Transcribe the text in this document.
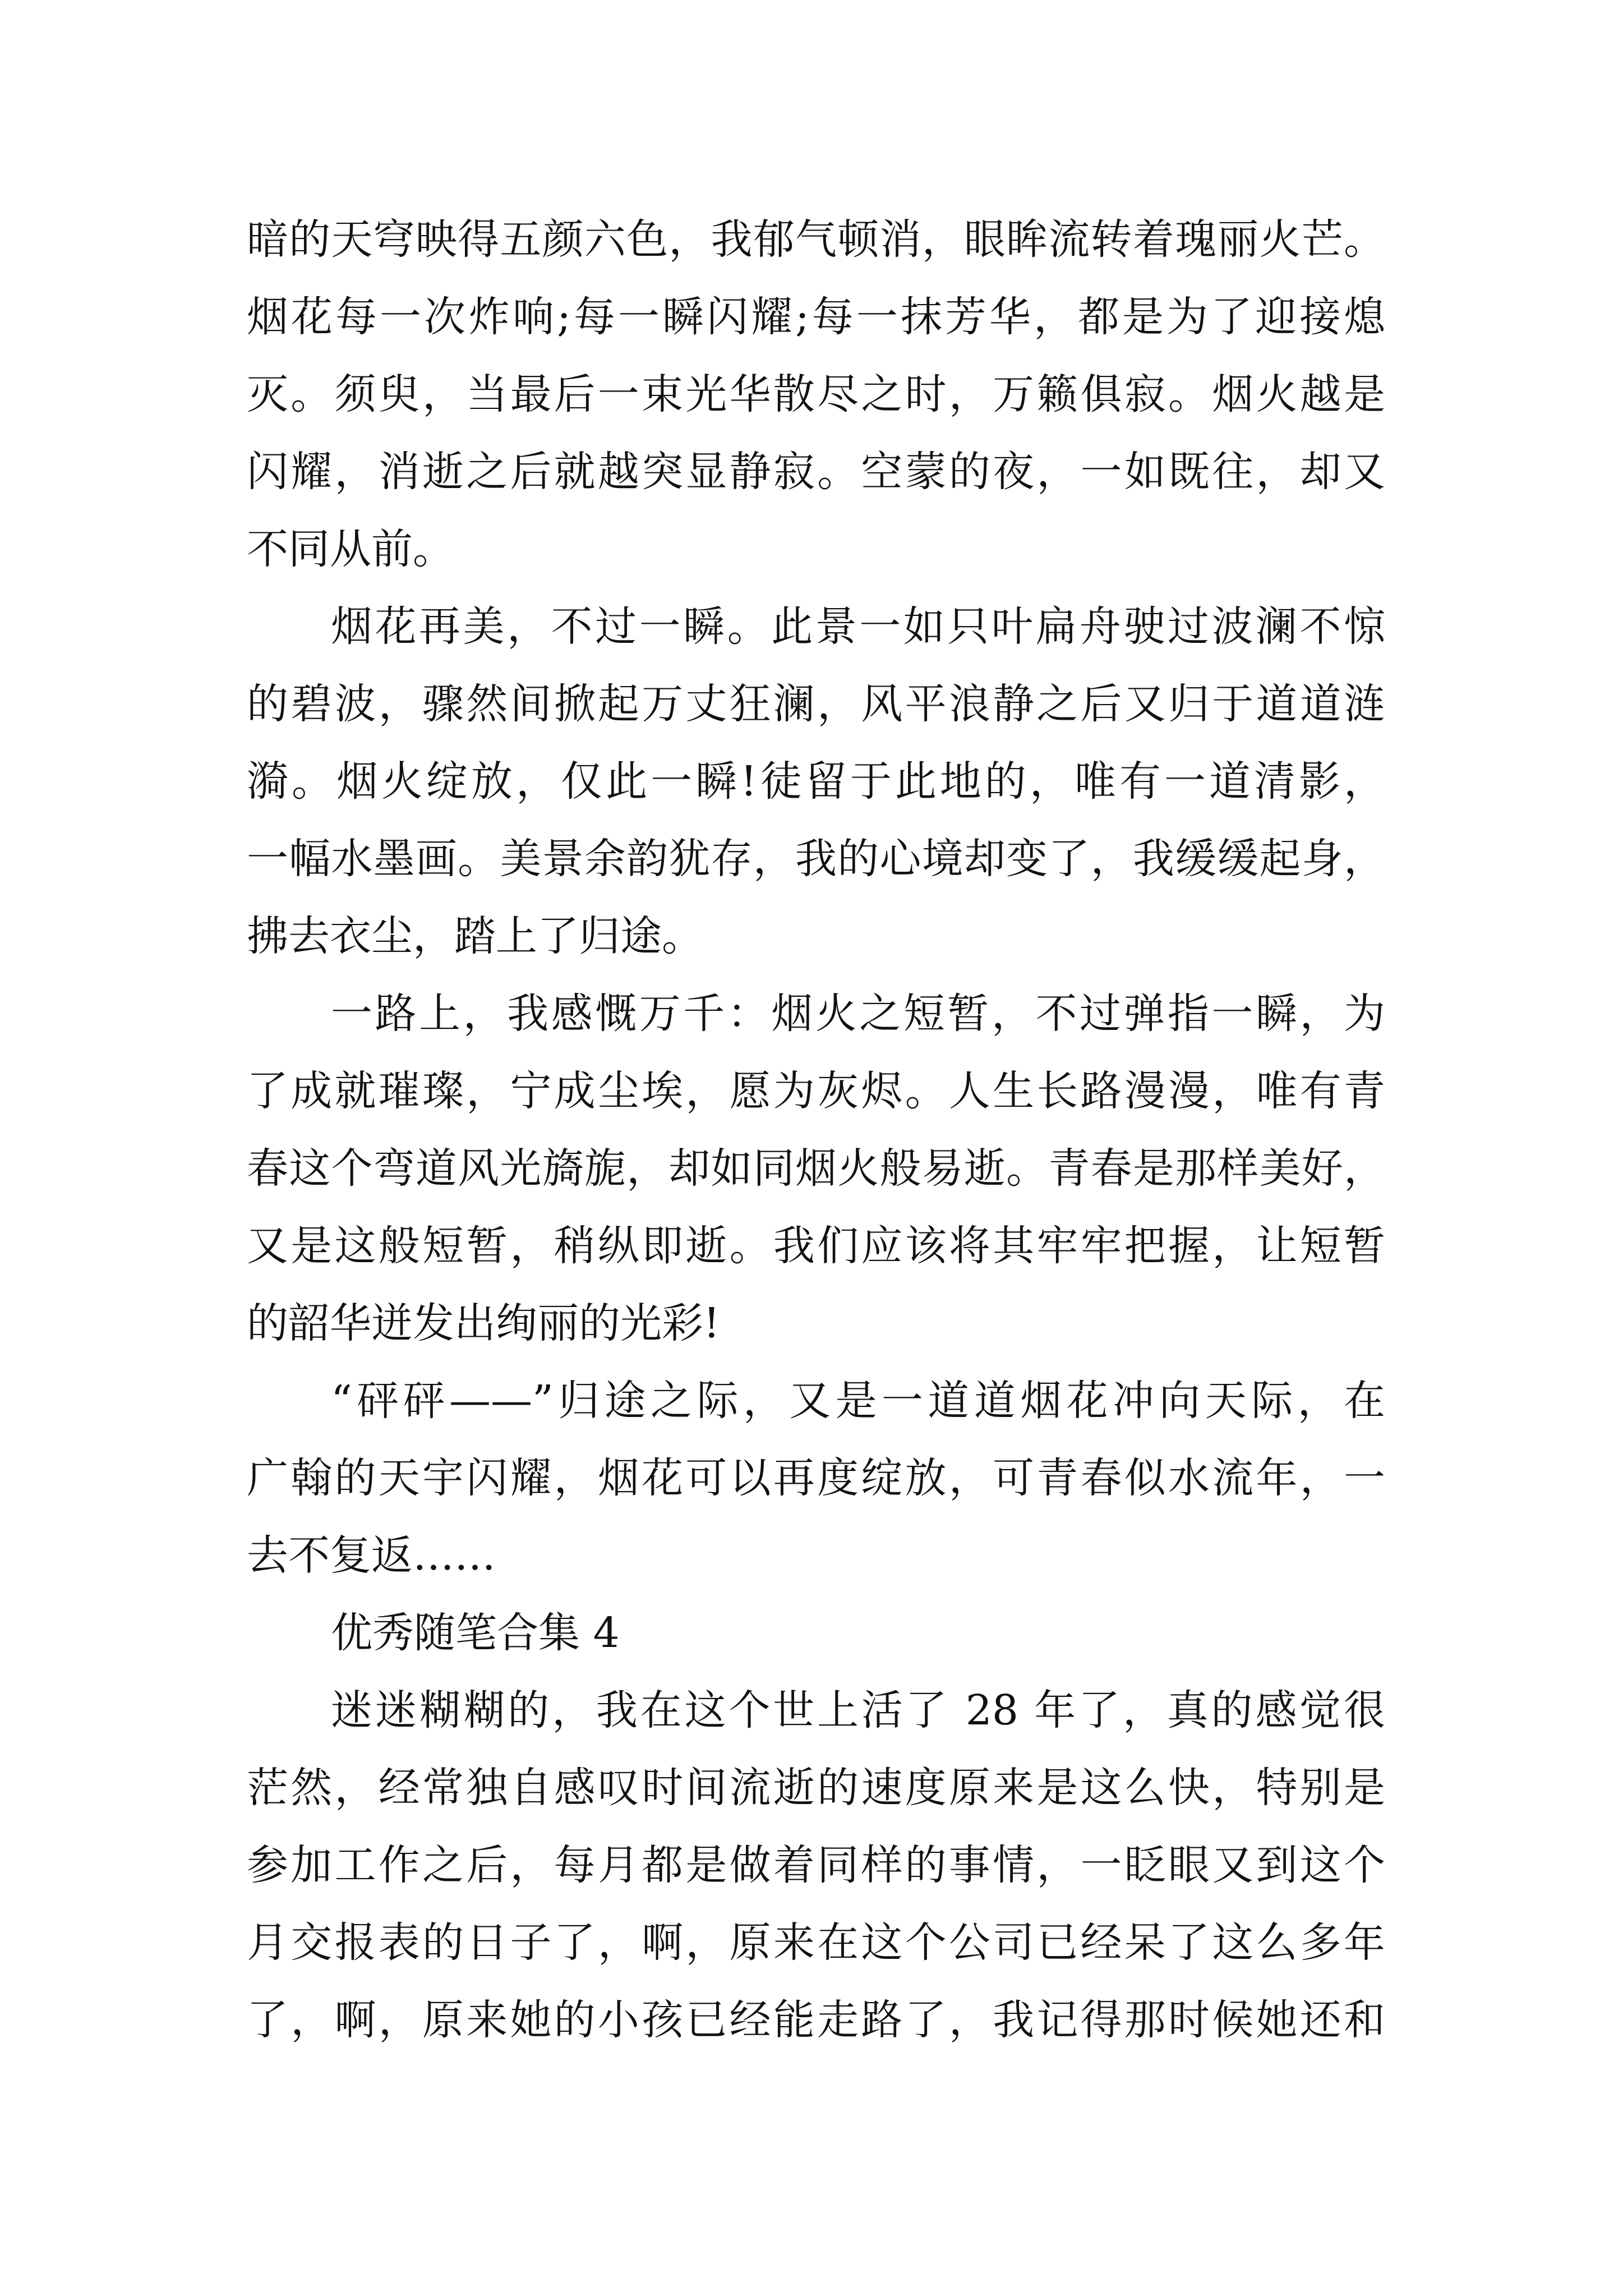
暗的天穹映得五颜六色，我郁气顿消，眼眸流转着瑰丽火芒。
烟花每一次炸响;每一瞬闪耀;每一抹芳华，都是为了迎接熄
灭。须臾，当最后一束光华散尽之时，万籁俱寂。烟火越是
闪耀，消逝之后就越突显静寂。空蒙的夜，一如既往，却又
不同从前。
烟花再美，不过一瞬。此景一如只叶扁舟驶过波澜不惊
的碧波，骤然间掀起万丈狂澜，风平浪静之后又归于道道涟
漪。烟火绽放，仅此一瞬!徒留于此地的，唯有一道清影，
一幅水墨画。美景余韵犹存，我的心境却变了，我缓缓起身，
拂去衣尘，踏上了归途。
一路上，我感慨万千：烟火之短暂，不过弹指一瞬，为
了成就璀璨，宁成尘埃，愿为灰烬。人生长路漫漫，唯有青
春这个弯道风光旖旎，却如同烟火般易逝。青春是那样美好，
又是这般短暂，稍纵即逝。我们应该将其牢牢把握，让短暂
的韶华迸发出绚丽的光彩!
“砰砰——”归途之际，又是一道道烟花冲向天际，在
广翰的天宇闪耀，烟花可以再度绽放，可青春似水流年，一
去不复返……
优秀随笔合集 4
迷迷糊糊的，我在这个世上活了 28 年了，真的感觉很
茫然，经常独自感叹时间流逝的速度原来是这么快，特别是
参加工作之后，每月都是做着同样的事情，一眨眼又到这个
月交报表的日子了，啊，原来在这个公司已经呆了这么多年
了，啊，原来她的小孩已经能走路了，我记得那时候她还和
